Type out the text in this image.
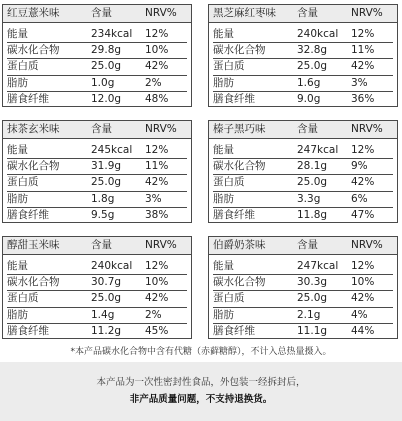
红豆薏米味	含量	NRV%
能量	234kcal 12%
碳水化合物	29.8g 10%
蛋白质	25.0g 42%
脂肪	1.0g	2%
膳食纤维	12.0g 48%
黑芝麻红枣味 含量	NRV%
能量	240kcal 12%
碳水化合物	32.8g 11%
蛋白质	25.0g 42%
脂肪	1.6g	3%
膳食纤维	9.0g	36%
抹茶玄米味	含量	NRV%
能量	245kcal 12%
碳水化合物	31.9g 11%
蛋白质	25.0g 42%
脂肪	1.8g	3%
膳食纤维	9.5g	38%
榛子黑巧味	含量	NRV%
能量	247kcal 12%
碳水化合物	28.1g 9%
蛋白质	25.0g 42%
脂肪	3.3g	6%
膳食纤维	11.8g 47%
醇甜玉米味	含量	NRV%
能量	240kcal 12%
碳水化合物	30.7g 10%
蛋白质	25.0g 42%
脂肪	1.4g	2%
膳食纤维	11.2g 45%
伯爵奶茶味	含量	NRV%
能量	247kcal 12%
碳水化合物	30.3g 10%
蛋白质	25.0g 42%
脂肪	2.1g	4%
膳食纤维	11.1g 44%
*本产品碳水化合物中含有代糖（赤藓糖醇），不计入总热量摄入。
本产品为一次性密封性食品，外包装一经拆封后，
非产品质量问题，不支持退换货。
